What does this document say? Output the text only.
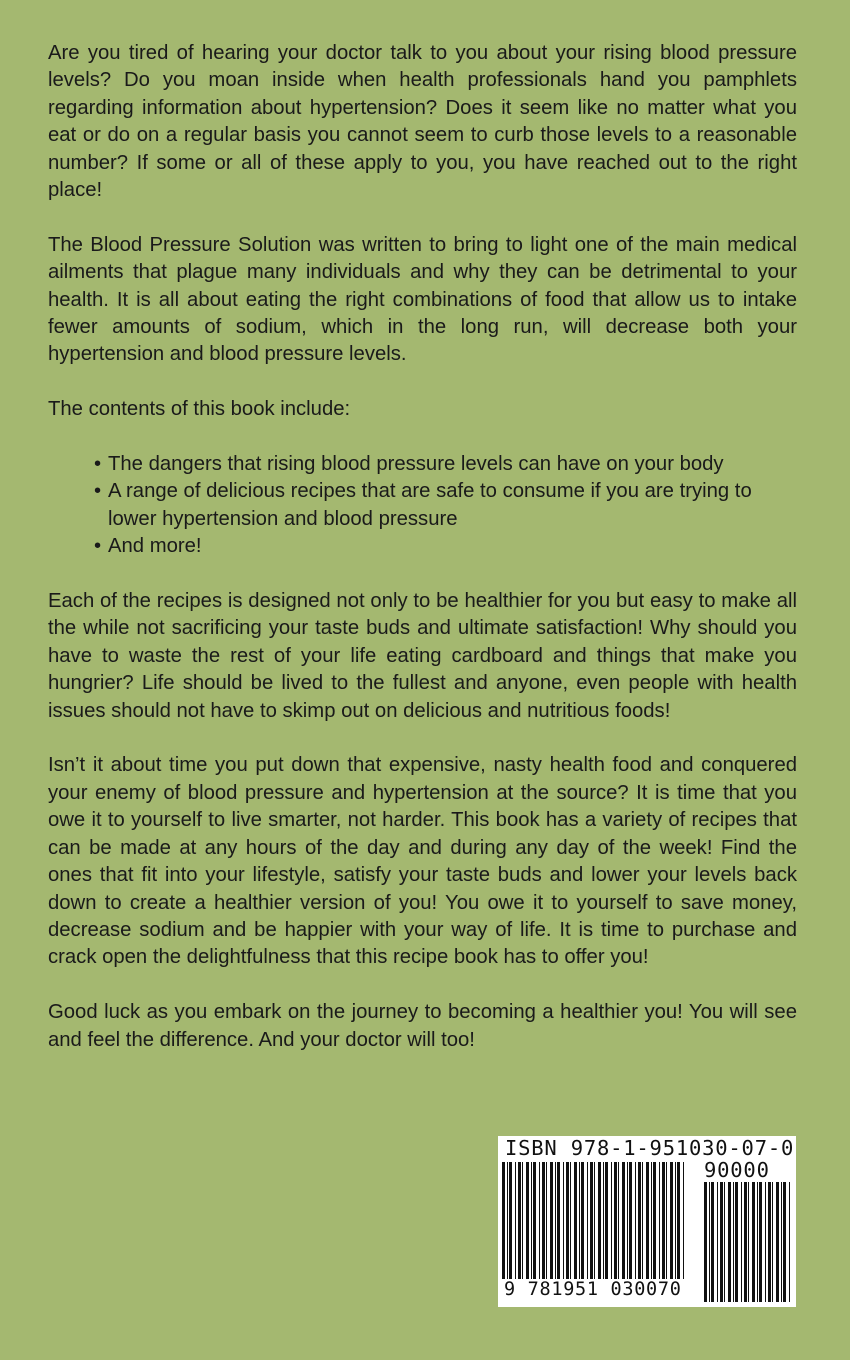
Are you tired of hearing your doctor talk to you about your rising blood pressure levels? Do you moan inside when health professionals hand you pamphlets regarding information about hypertension? Does it seem like no matter what you eat or do on a regular basis you cannot seem to curb those levels to a reasonable number? If some or all of these apply to you, you have reached out to the right place!

The Blood Pressure Solution was written to bring to light one of the main medical ailments that plague many individuals and why they can be detrimental to your health. It is all about eating the right combinations of food that allow us to intake fewer amounts of sodium, which in the long run, will decrease both your hypertension and blood pressure levels.

The contents of this book include:

• The dangers that rising blood pressure levels can have on your body
• A range of delicious recipes that are safe to consume if you are trying to lower hypertension and blood pressure
• And more!

Each of the recipes is designed not only to be healthier for you but easy to make all the while not sacrificing your taste buds and ultimate satisfaction! Why should you have to waste the rest of your life eating cardboard and things that make you hungrier? Life should be lived to the fullest and anyone, even people with health issues should not have to skimp out on delicious and nutritious foods!

Isn’t it about time you put down that expensive, nasty health food and conquered your enemy of blood pressure and hypertension at the source? It is time that you owe it to yourself to live smarter, not harder. This book has a variety of recipes that can be made at any hours of the day and during any day of the week! Find the ones that fit into your lifestyle, satisfy your taste buds and lower your levels back down to create a healthier version of you! You owe it to yourself to save money, decrease sodium and be happier with your way of life. It is time to purchase and crack open the delightfulness that this recipe book has to offer you!

Good luck as you embark on the journey to becoming a healthier you! You will see and feel the difference. And your doctor will too!

ISBN 978-1-951030-07-0
90000
9 781951 030070
